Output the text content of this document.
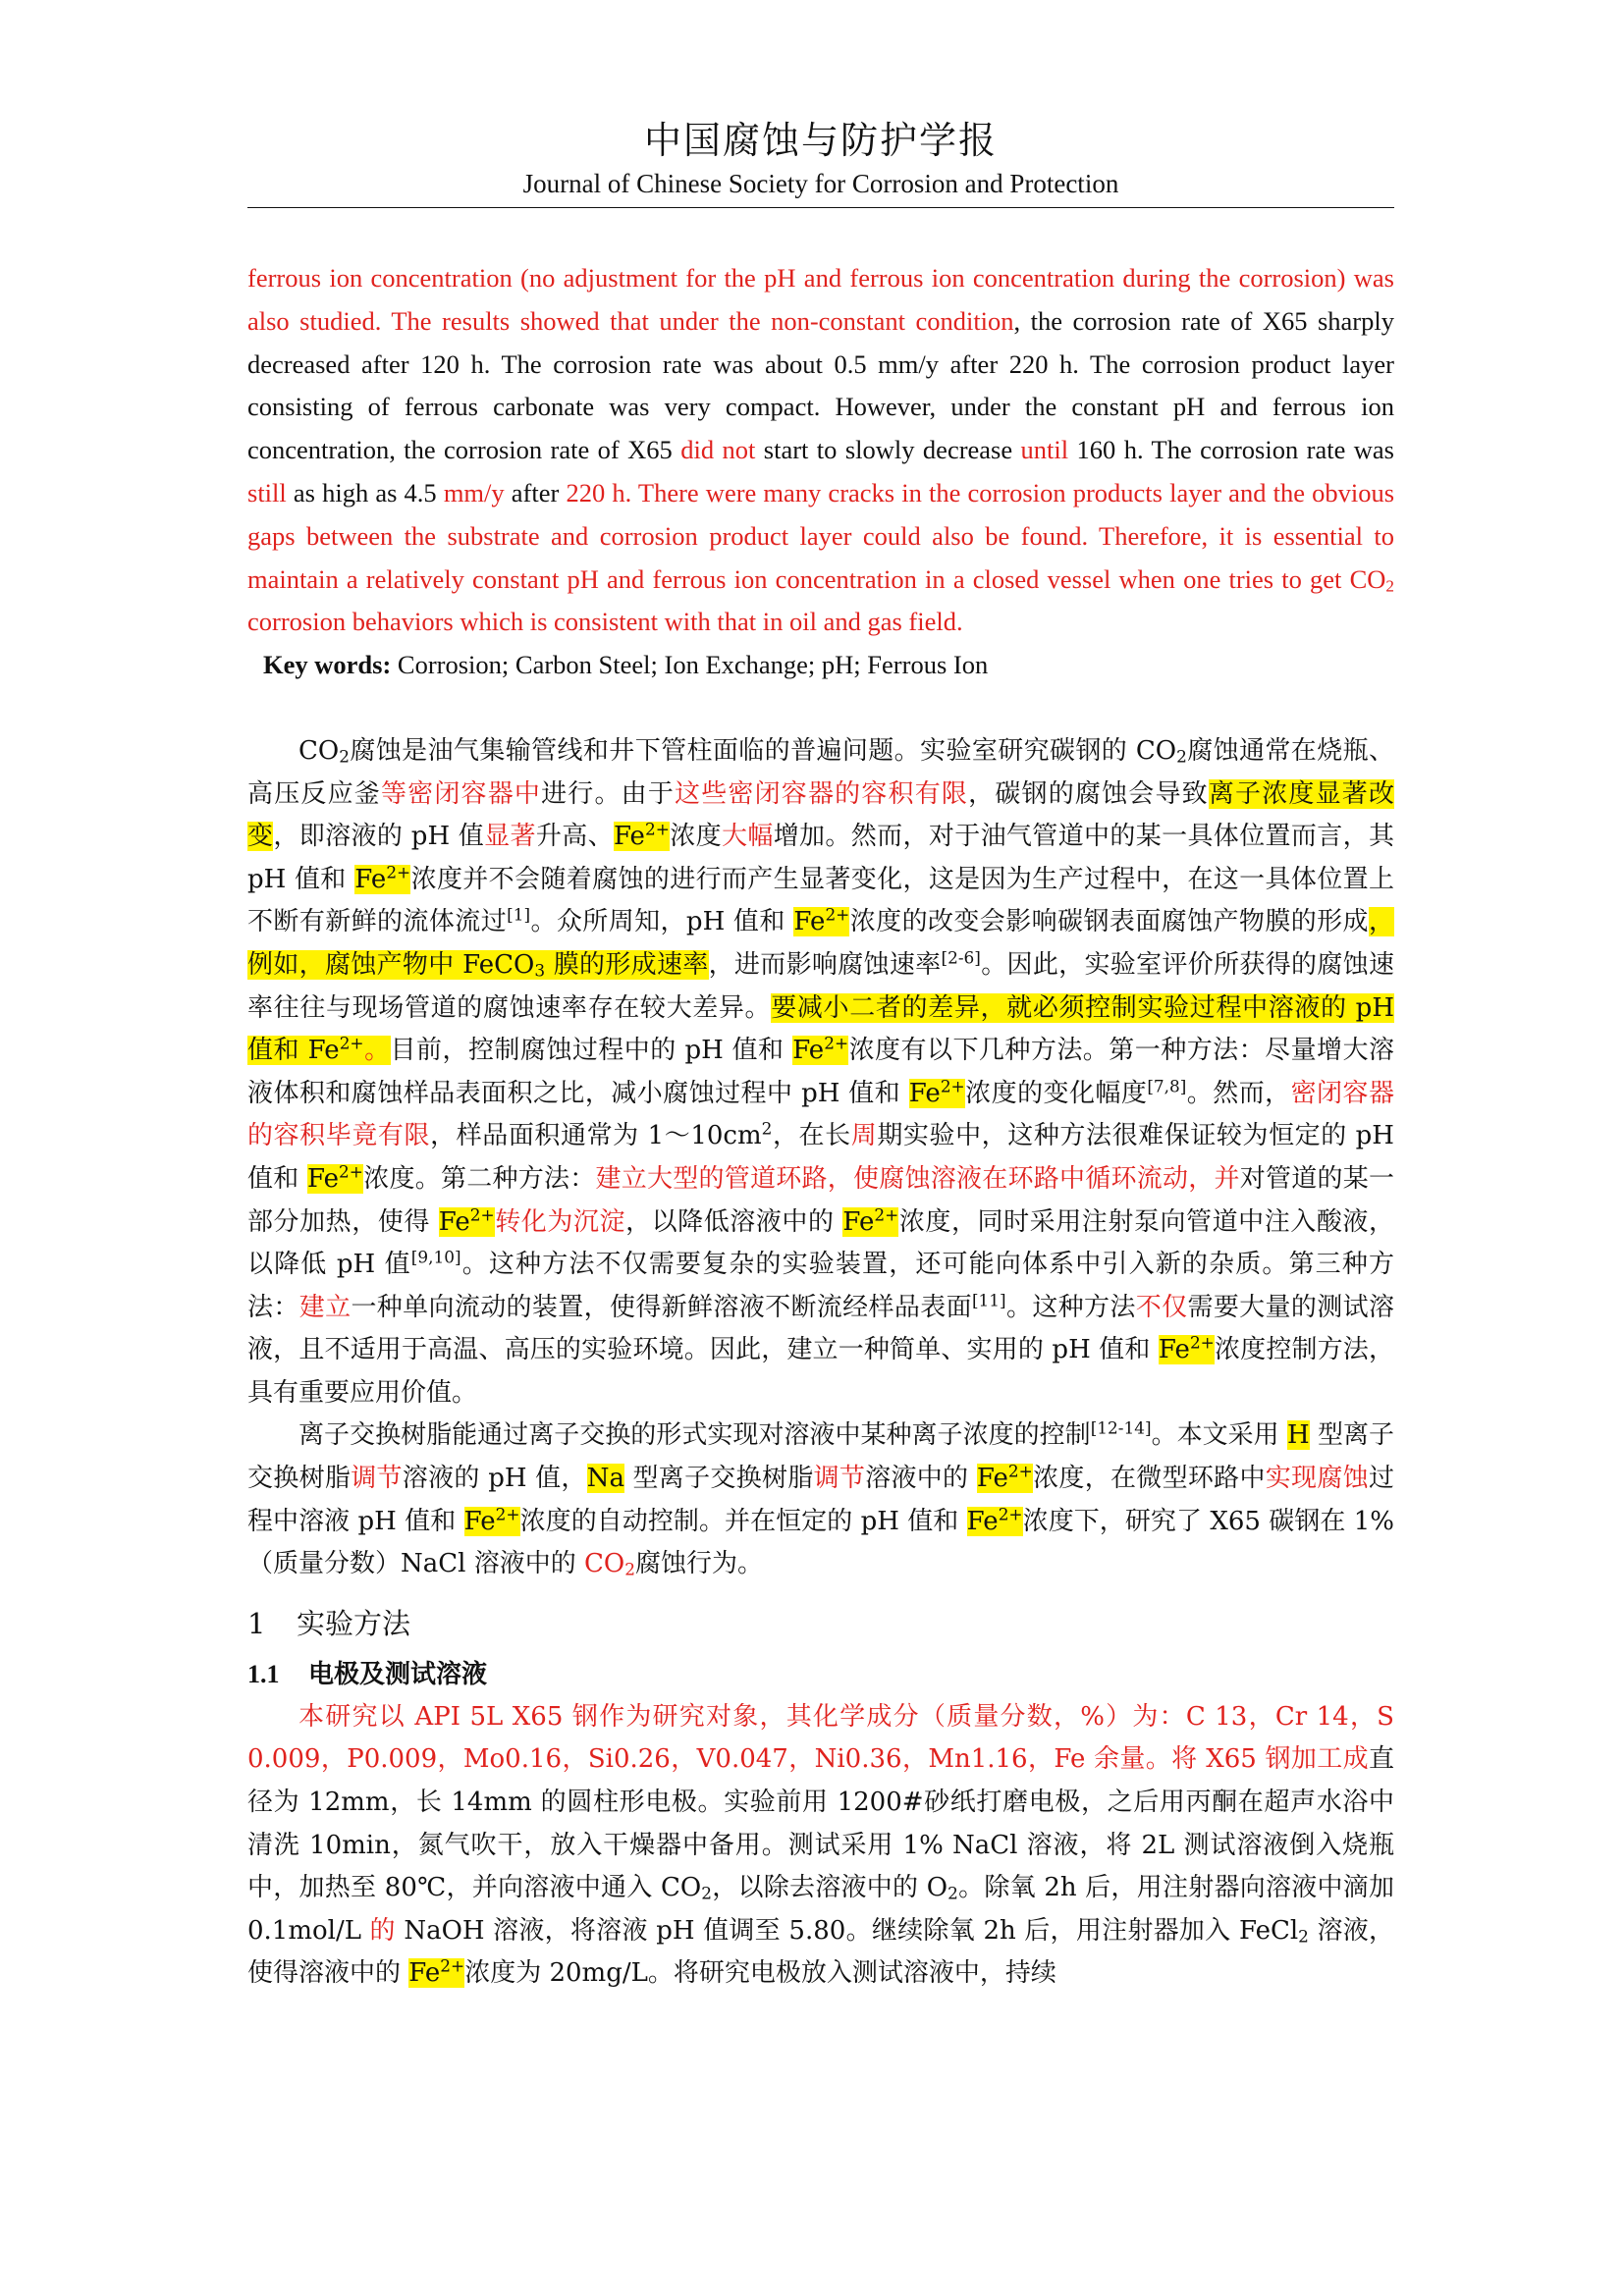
中国腐蚀与防护学报
Journal of Chinese Society for Corrosion and Protection

ferrous ion concentration (no adjustment for the pH and ferrous ion concentration during the corrosion) was also studied. The results showed that under the non-constant condition, the corrosion rate of X65 sharply decreased after 120 h. The corrosion rate was about 0.5 mm/y after 220 h. The corrosion product layer consisting of ferrous carbonate was very compact. However, under the constant pH and ferrous ion concentration, the corrosion rate of X65 did not start to slowly decrease until 160 h. The corrosion rate was still as high as 4.5 mm/y after 220 h. There were many cracks in the corrosion products layer and the obvious gaps between the substrate and corrosion product layer could also be found. Therefore, it is essential to maintain a relatively constant pH and ferrous ion concentration in a closed vessel when one tries to get $CO_2$ corrosion behaviors which is consistent with that in oil and gas field.

Key words: Corrosion; Carbon Steel; Ion Exchange; pH; Ferrous Ion

$CO_2$腐蚀是油气集输管线和井下管柱面临的普遍问题。实验室研究碳钢的 $CO_2$腐蚀通常在烧瓶、高压反应釜等密闭容器中进行。由于这些密闭容器的容积有限，碳钢的腐蚀会导致离子浓度显著改变，即溶液的 pH 值显著升高、$Fe^{2+}$浓度大幅增加。然而，对于油气管道中的某一具体位置而言，其 pH 值和 $Fe^{2+}$浓度并不会随着腐蚀的进行而产生显著变化，这是因为生产过程中，在这一具体位置上不断有新鲜的流体流过[1]。众所周知，pH 值和 $Fe^{2+}$浓度的改变会影响碳钢表面腐蚀产物膜的形成，例如，腐蚀产物中 FeCO$_3$ 膜的形成速率，进而影响腐蚀速率[2-6]。因此，实验室评价所获得的腐蚀速率往往与现场管道的腐蚀速率存在较大差异。要减小二者的差异，就必须控制实验过程中溶液的 pH 值和 $Fe^{2+}$。目前，控制腐蚀过程中的 pH 值和 $Fe^{2+}$浓度有以下几种方法。第一种方法：尽量增大溶液体积和腐蚀样品表面积之比，减小腐蚀过程中 pH 值和 $Fe^{2+}$浓度的变化幅度[7,8]。然而，密闭容器的容积毕竟有限，样品面积通常为 $1\sim 10cm^2$，在长周期实验中，这种方法很难保证较为恒定的 pH 值和 $Fe^{2+}$浓度。第二种方法：建立大型的管道环路，使腐蚀溶液在环路中循环流动，并对管道的某一部分加热，使得 $Fe^{2+}$转化为沉淀，以降低溶液中的 $Fe^{2+}$浓度，同时采用注射泵向管道中注入酸液，以降低 pH 值[9,10]。这种方法不仅需要复杂的实验装置，还可能向体系中引入新的杂质。第三种方法：建立一种单向流动的装置，使得新鲜溶液不断流经样品表面[11]。这种方法不仅需要大量的测试溶液，且不适用于高温、高压的实验环境。因此，建立一种简单、实用的 pH 值和 $Fe^{2+}$浓度控制方法，具有重要应用价值。

离子交换树脂能通过离子交换的形式实现对溶液中某种离子浓度的控制[12-14]。本文采用 H 型离子交换树脂调节溶液的 pH 值，Na 型离子交换树脂调节溶液中的 $Fe^{2+}$浓度，在微型环路中实现腐蚀过程中溶液 pH 值和 $Fe^{2+}$浓度的自动控制。并在恒定的 pH 值和 $Fe^{2+}$浓度下，研究了 X65 碳钢在 1%（质量分数）NaCl 溶液中的 $CO_2$腐蚀行为。

1 实验方法
1.1 电极及测试溶液

本研究以 API 5L X65 钢作为研究对象，其化学成分（质量分数，%）为：C 13，Cr 14，S 0.009，P0.009，Mo0.16，Si0.26，V0.047，Ni0.36，Mn1.16，Fe 余量。将 X65 钢加工成直径为 12mm，长 14mm 的圆柱形电极。实验前用 1200#砂纸打磨电极，之后用丙酮在超声水浴中清洗 10min，氮气吹干，放入干燥器中备用。测试采用 1% NaCl 溶液，将 2L 测试溶液倒入烧瓶中，加热至 80℃，并向溶液中通入 $CO_2$，以除去溶液中的 $O_2$。除氧 2h 后，用注射器向溶液中滴加 0.1mol/L 的 NaOH 溶液，将溶液 pH 值调至 5.80。继续除氧 2h 后，用注射器加入 FeCl$_2$ 溶液，使得溶液中的 $Fe^{2+}$浓度为 20mg/L。将研究电极放入测试溶液中，持续
